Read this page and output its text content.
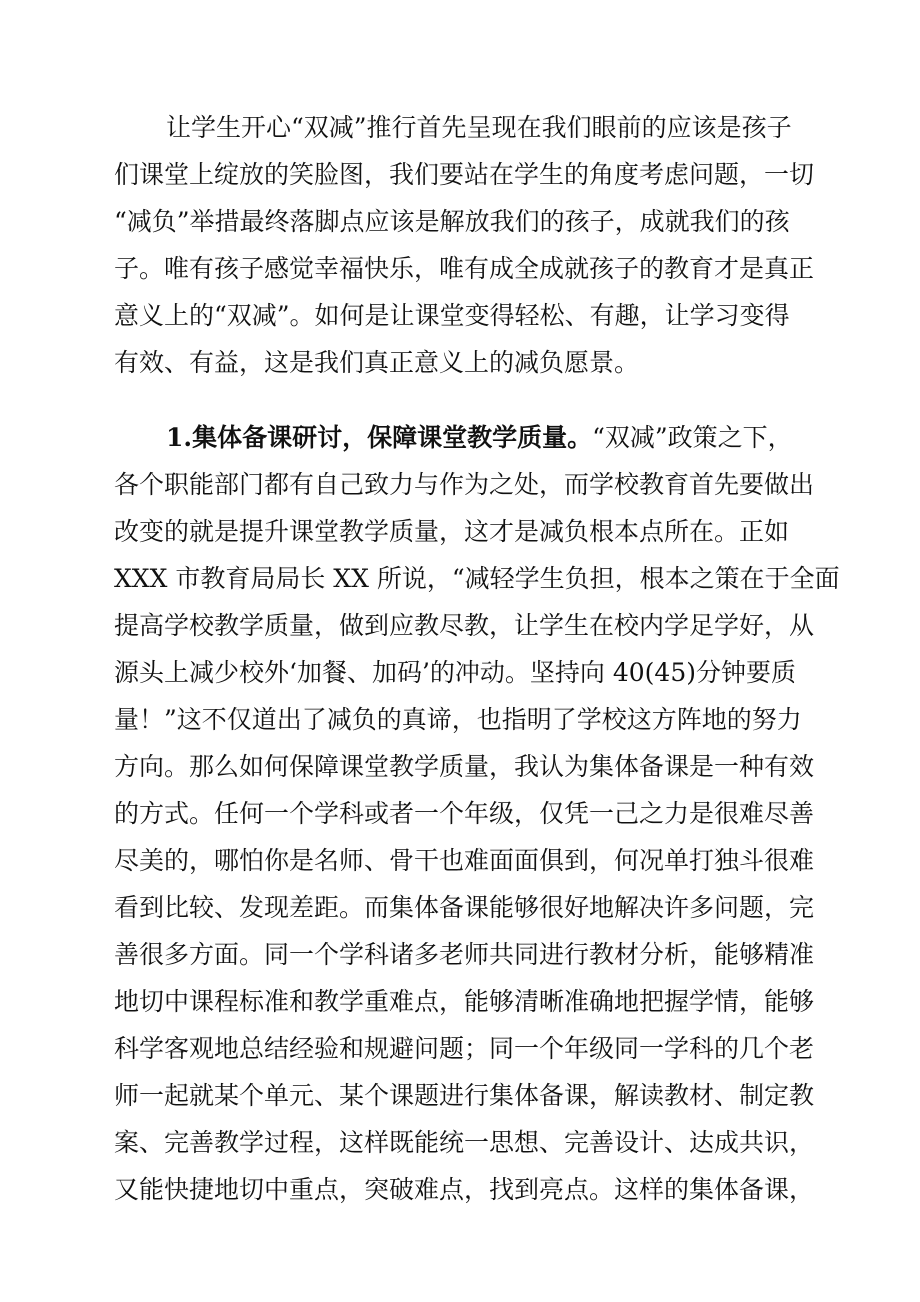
让学生开心“双减”推行首先呈现在我们眼前的应该是孩子
们课堂上绽放的笑脸图，我们要站在学生的角度考虑问题，一切
“减负”举措最终落脚点应该是解放我们的孩子，成就我们的孩
子。唯有孩子感觉幸福快乐，唯有成全成就孩子的教育才是真正
意义上的“双减”。如何是让课堂变得轻松、有趣，让学习变得
有效、有益，这是我们真正意义上的减负愿景。
1.集体备课研讨，保障课堂教学质量。“双减”政策之下，
各个职能部门都有自己致力与作为之处，而学校教育首先要做出
改变的就是提升课堂教学质量，这才是减负根本点所在。正如
XXX 市教育局局长 XX 所说，“减轻学生负担，根本之策在于全面
提高学校教学质量，做到应教尽教，让学生在校内学足学好，从
源头上减少校外‘加餐、加码’的冲动。坚持向 40(45)分钟要质
量！”这不仅道出了减负的真谛，也指明了学校这方阵地的努力
方向。那么如何保障课堂教学质量，我认为集体备课是一种有效
的方式。任何一个学科或者一个年级，仅凭一己之力是很难尽善
尽美的，哪怕你是名师、骨干也难面面俱到，何况单打独斗很难
看到比较、发现差距。而集体备课能够很好地解决许多问题，完
善很多方面。同一个学科诸多老师共同进行教材分析，能够精准
地切中课程标准和教学重难点，能够清晰准确地把握学情，能够
科学客观地总结经验和规避问题；同一个年级同一学科的几个老
师一起就某个单元、某个课题进行集体备课，解读教材、制定教
案、完善教学过程，这样既能统一思想、完善设计、达成共识，
又能快捷地切中重点，突破难点，找到亮点。这样的集体备课，
